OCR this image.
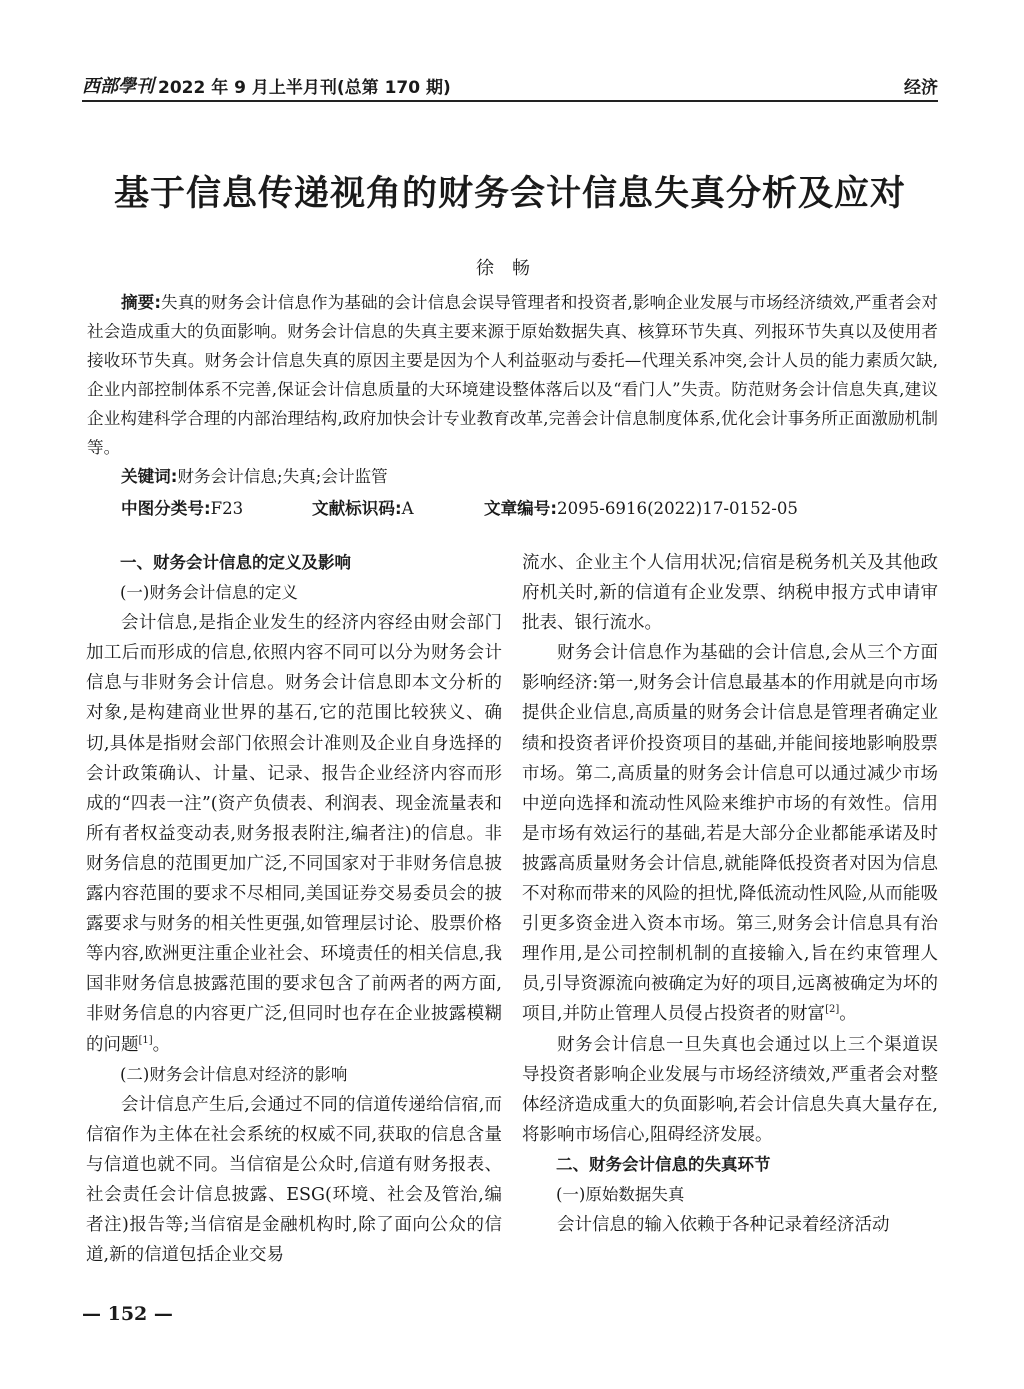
西部學刊 2022 年 9 月上半月刊(总第 170 期)	经济
基于信息传递视角的财务会计信息失真分析及应对
徐畅

摘要:失真的财务会计信息作为基础的会计信息会误导管理者和投资者,影响企业发展与市场经济绩效,严重者会对社会造成重大的负面影响。财务会计信息的失真主要来源于原始数据失真、核算环节失真、列报环节失真以及使用者接收环节失真。财务会计信息失真的原因主要是因为个人利益驱动与委托—代理关系冲突,会计人员的能力素质欠缺,企业内部控制体系不完善,保证会计信息质量的大环境建设整体落后以及“看门人”失责。防范财务会计信息失真,建议企业构建科学合理的内部治理结构,政府加快会计专业教育改革,完善会计信息制度体系,优化会计事务所正面激励机制等。
关键词:财务会计信息;失真;会计监管

中图分类号:F23	文献标识码:A	文章编号:2095-6916(2022)17-0152-05

一、财务会计信息的定义及影响

(一)财务会计信息的定义

会计信息,是指企业发生的经济内容经由财会部门加工后而形成的信息,依照内容不同可以分为财务会计信息与非财务会计信息。财务会计信息即本文分析的对象,是构建商业世界的基石,它的范围比较狭义、确切,具体是指财会部门依照会计准则及企业自身选择的会计政策确认、计量、记录、报告企业经济内容而形成的“四表一注”(资产负债表、利润表、现金流量表和所有者权益变动表,财务报表附注,编者注)的信息。非财务信息的范围更加广泛,不同国家对于非财务信息披露内容范围的要求不尽相同,美国证券交易委员会的披露要求与财务的相关性更强,如管理层讨论、股票价格等内容,欧洲更注重企业社会、环境责任的相关信息,我国非财务信息披露范围的要求包含了前两者的两方面,非财务信息的内容更广泛,但同时也存在企业披露模糊的问题[1]。

(二)财务会计信息对经济的影响

会计信息产生后,会通过不同的信道传递给信宿,而信宿作为主体在社会系统的权威不同,获取的信息含量与信道也就不同。当信宿是公众时,信道有财务报表、社会责任会计信息披露、ESG(环境、社会及管治,编者注)报告等;当信宿是金融机构时,除了面向公众的信道,新的信道包括企业交易

流水、企业主个人信用状况;信宿是税务机关及其他政府机关时,新的信道有企业发票、纳税申报方式申请审批表、银行流水。

财务会计信息作为基础的会计信息,会从三个方面影响经济:第一,财务会计信息最基本的作用就是向市场提供企业信息,高质量的财务会计信息是管理者确定业绩和投资者评价投资项目的基础,并能间接地影响股票市场。第二,高质量的财务会计信息可以通过减少市场中逆向选择和流动性风险来维护市场的有效性。信用是市场有效运行的基础,若是大部分企业都能承诺及时披露高质量财务会计信息,就能降低投资者对因为信息不对称而带来的风险的担忧,降低流动性风险,从而能吸引更多资金进入资本市场。第三,财务会计信息具有治理作用,是公司控制机制的直接输入,旨在约束管理人员,引导资源流向被确定为好的项目,远离被确定为坏的项目,并防止管理人员侵占投资者的财富[2]。

财务会计信息一旦失真也会通过以上三个渠道误导投资者影响企业发展与市场经济绩效,严重者会对整体经济造成重大的负面影响,若会计信息失真大量存在,将影响市场信心,阻碍经济发展。

二、财务会计信息的失真环节

(一)原始数据失真

会计信息的输入依赖于各种记录着经济活动

— 152 —
